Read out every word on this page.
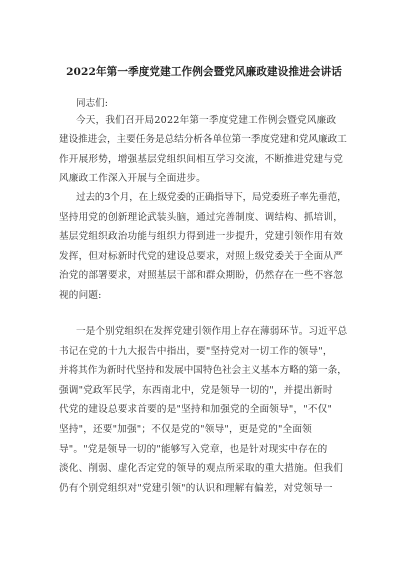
2022年第一季度党建工作例会暨党风廉政建设推进会讲话
同志们:
今天，我们召开局2022年第一季度党建工作例会暨党风廉政
建设推进会，主要任务是总结分析各单位第一季度党建和党风廉政工
作开展形势，增强基层党组织间相互学习交流，不断推进党建与党
风廉政工作深入开展与全面进步。
过去的3个月，在上级党委的正确指导下，局党委班子率先垂范，
坚持用党的创新理论武装头脑，通过完善制度、调结构、抓培训，
基层党组织政治功能与组织力得到进一步提升，党建引领作用有效
发挥，但对标新时代党的建设总要求，对照上级党委关于全面从严
治党的部署要求，对照基层干部和群众期盼，仍然存在一些不容忽
视的问题:
一是个别党组织在发挥党建引领作用上存在薄弱环节。习近平总
书记在党的十九大报告中指出，要"坚持党对一切工作的领导"，
并将其作为新时代坚持和发展中国特色社会主义基本方略的第一条，
强调"党政军民学，东西南北中，党是领导一切的"，并提出新时
代党的建设总要求首要的是"坚持和加强党的全面领导"，"不仅"
坚持"，还要"加强"；不仅是党的"领导"，更是党的"全面领
导"。"党是领导一切的"能够写入党章，也是针对现实中存在的
淡化、削弱、虚化否定党的领导的观点所采取的重大措施。但我们
仍有个别党组织对"党建引领"的认识和理解有偏差，对党领导一
